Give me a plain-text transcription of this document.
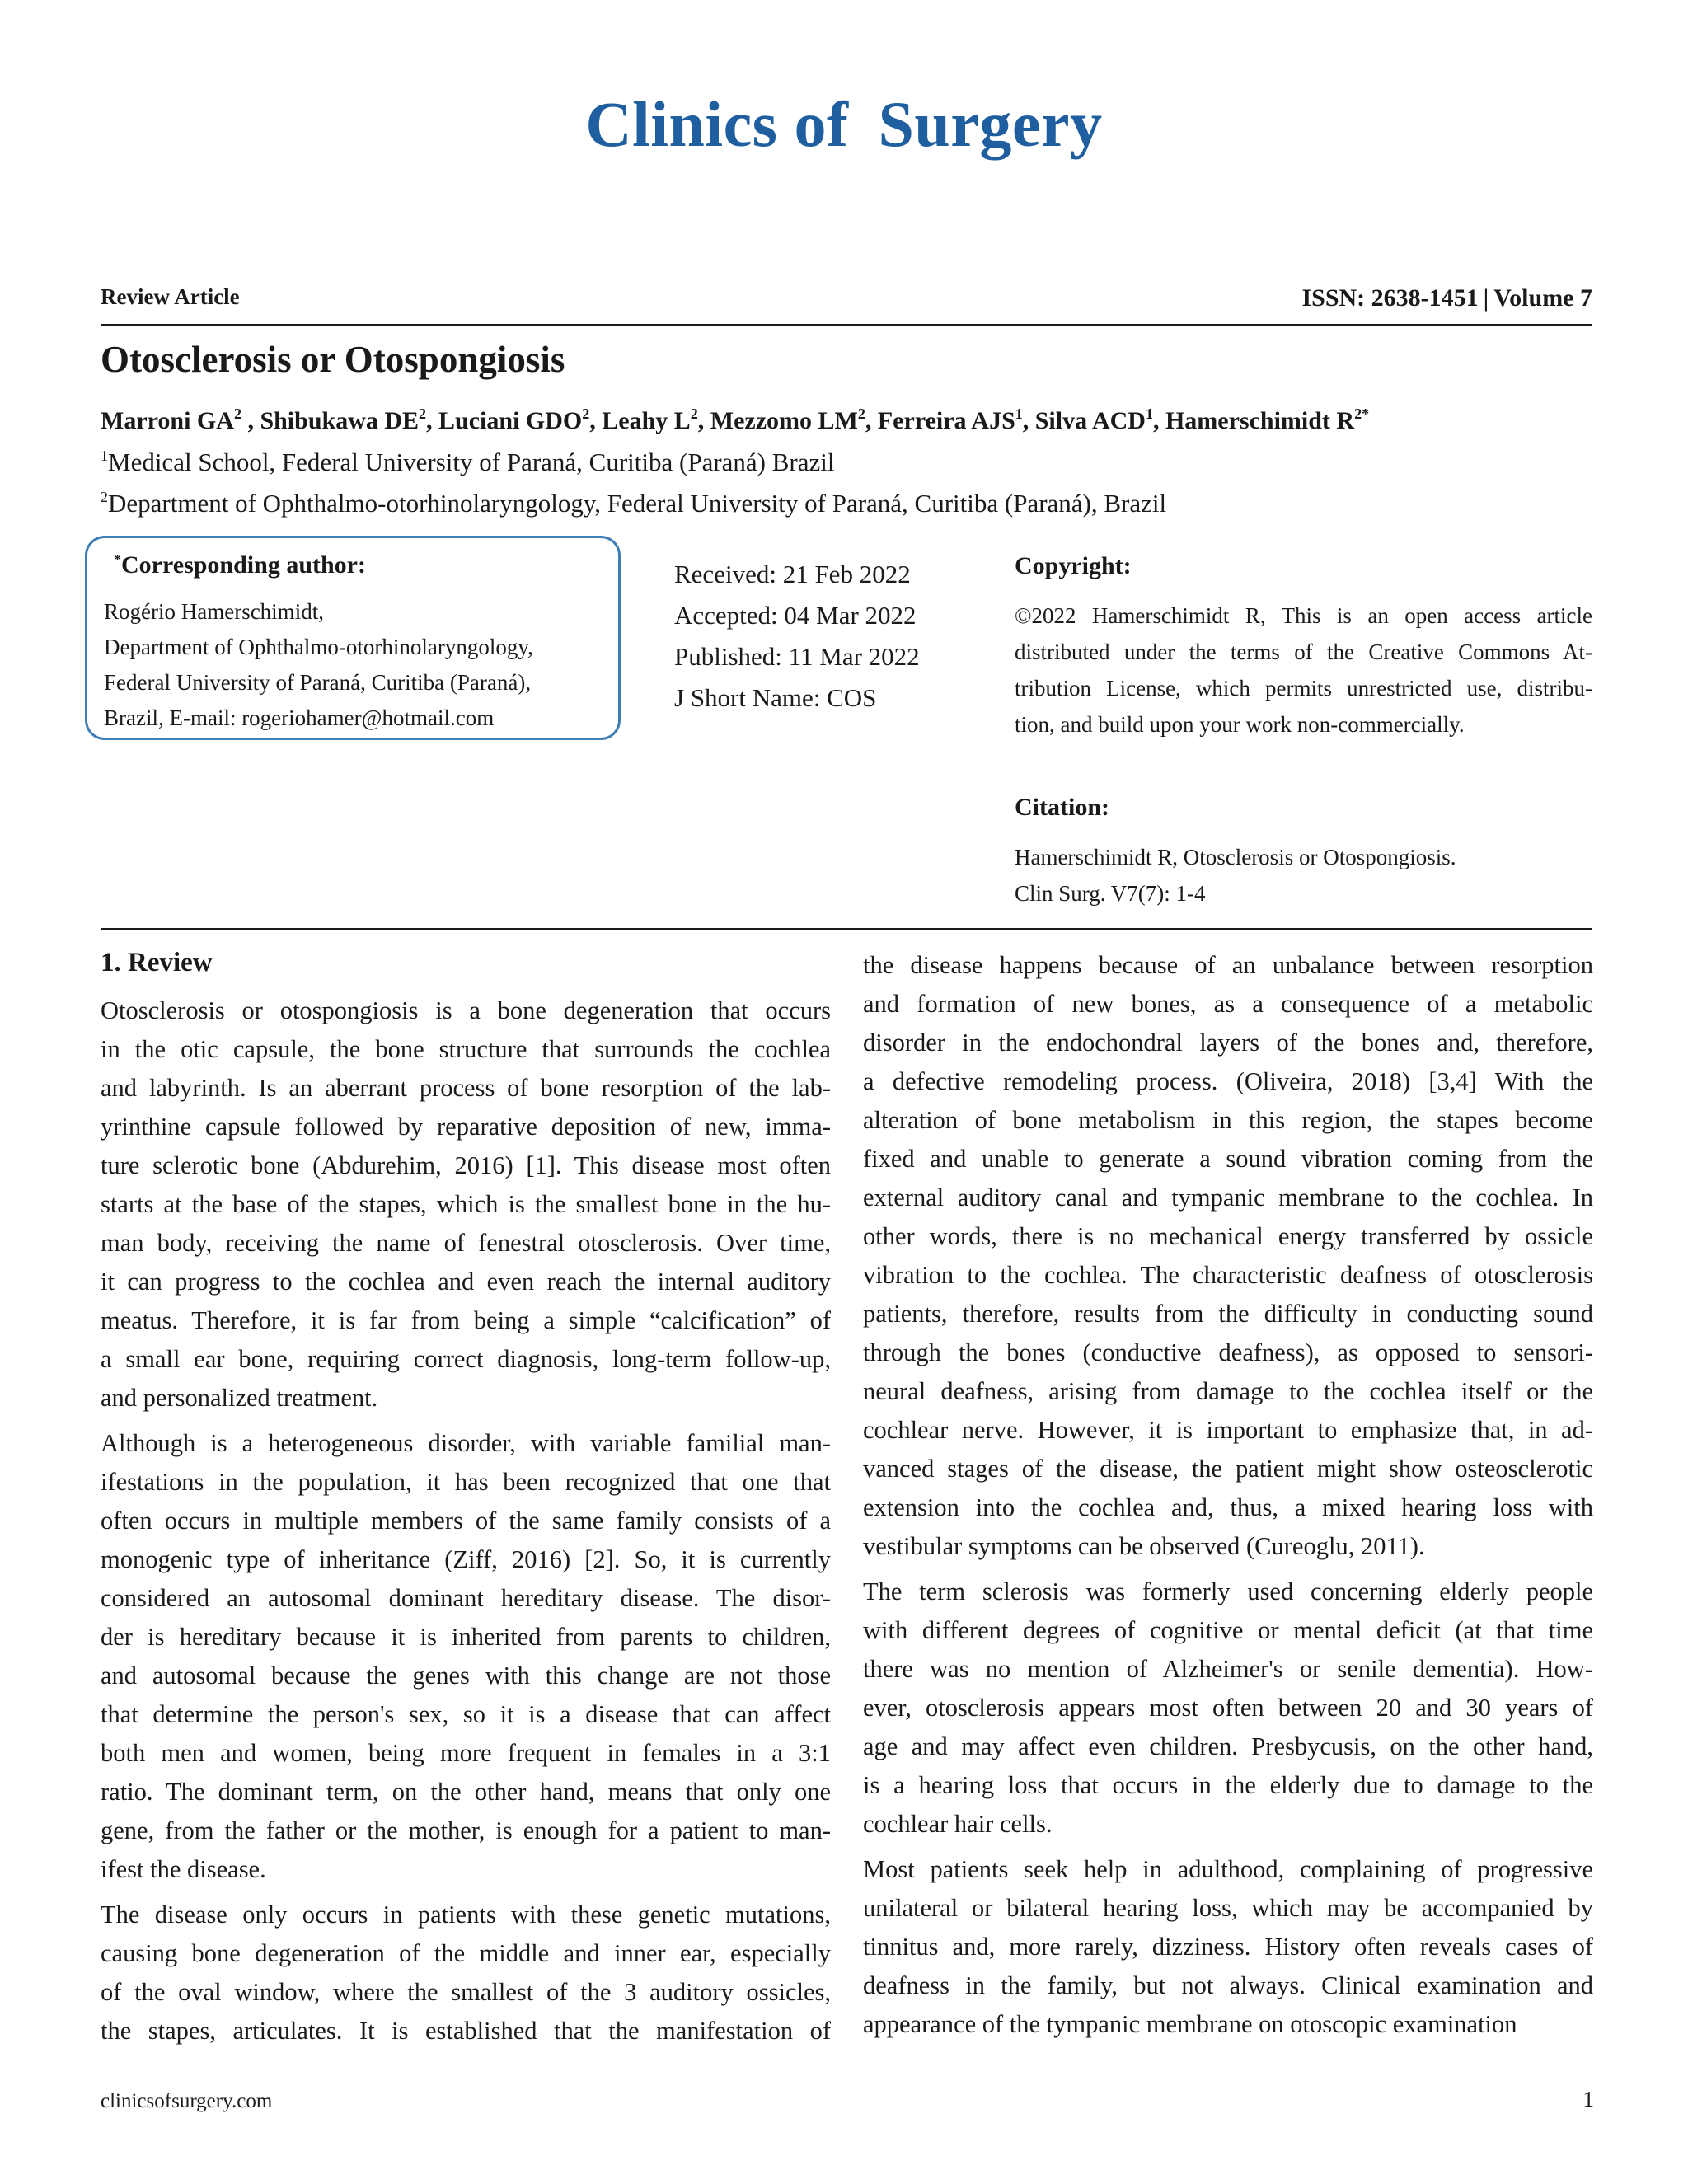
Clinics of Surgery
Review Article	ISSN: 2638-1451 | Volume 7
Otosclerosis or Otospongiosis
Marroni $GA^2$ , Shibukawa $DE^2$, Luciani GDO$^2$, Leahy $L^2$, Mezzomo $LM^2$, Ferreira AJS$^1$, Silva ACD$^1$, Hamerschimidt $R^{2*}$
$^1$Medical School, Federal University of Paraná, Curitiba (Paraná) Brazil
$^2$Department of Ophthalmo-otorhinolaryngology, Federal University of Paraná, Curitiba (Paraná), Brazil
*Corresponding author:
Rogério Hamerschimidt,
Department of Ophthalmo-otorhinolaryngology,
Federal University of Paraná, Curitiba (Paraná),
Brazil, E-mail: rogeriohamer@hotmail.com
Received: 21 Feb 2022
Accepted: 04 Mar 2022
Published: 11 Mar 2022
J Short Name: COS
Copyright:
©2022 Hamerschimidt R, This is an open access article
distributed under the terms of the Creative Commons At-
tribution License, which permits unrestricted use, distribu-
tion, and build upon your work non-commercially.
Citation:
Hamerschimidt R, Otosclerosis or Otospongiosis.
Clin Surg. V7(7): 1-4
1. Review
Otosclerosis or otospongiosis is a bone degeneration that occurs
in the otic capsule, the bone structure that surrounds the cochlea
and labyrinth. Is an aberrant process of bone resorption of the lab-
yrinthine capsule followed by reparative deposition of new, imma-
ture sclerotic bone (Abdurehim, 2016) [1]. This disease most often
starts at the base of the stapes, which is the smallest bone in the hu-
man body, receiving the name of fenestral otosclerosis. Over time,
it can progress to the cochlea and even reach the internal auditory
meatus. Therefore, it is far from being a simple “calcification” of
a small ear bone, requiring correct diagnosis, long-term follow-up,
and personalized treatment.
Although is a heterogeneous disorder, with variable familial man-
ifestations in the population, it has been recognized that one that
often occurs in multiple members of the same family consists of a
monogenic type of inheritance (Ziff, 2016) [2]. So, it is currently
considered an autosomal dominant hereditary disease. The disor-
der is hereditary because it is inherited from parents to children,
and autosomal because the genes with this change are not those
that determine the person's sex, so it is a disease that can affect
both men and women, being more frequent in females in a 3:1
ratio. The dominant term, on the other hand, means that only one
gene, from the father or the mother, is enough for a patient to man-
ifest the disease.
The disease only occurs in patients with these genetic mutations,
causing bone degeneration of the middle and inner ear, especially
of the oval window, where the smallest of the 3 auditory ossicles,
the stapes, articulates. It is established that the manifestation of
the disease happens because of an unbalance between resorption
and formation of new bones, as a consequence of a metabolic
disorder in the endochondral layers of the bones and, therefore,
a defective remodeling process. (Oliveira, 2018) [3,4] With the
alteration of bone metabolism in this region, the stapes become
fixed and unable to generate a sound vibration coming from the
external auditory canal and tympanic membrane to the cochlea. In
other words, there is no mechanical energy transferred by ossicle
vibration to the cochlea. The characteristic deafness of otosclerosis
patients, therefore, results from the difficulty in conducting sound
through the bones (conductive deafness), as opposed to sensori-
neural deafness, arising from damage to the cochlea itself or the
cochlear nerve. However, it is important to emphasize that, in ad-
vanced stages of the disease, the patient might show osteosclerotic
extension into the cochlea and, thus, a mixed hearing loss with
vestibular symptoms can be observed (Cureoglu, 2011).
The term sclerosis was formerly used concerning elderly people
with different degrees of cognitive or mental deficit (at that time
there was no mention of Alzheimer's or senile dementia). How-
ever, otosclerosis appears most often between 20 and 30 years of
age and may affect even children. Presbycusis, on the other hand,
is a hearing loss that occurs in the elderly due to damage to the
cochlear hair cells.
Most patients seek help in adulthood, complaining of progressive
unilateral or bilateral hearing loss, which may be accompanied by
tinnitus and, more rarely, dizziness. History often reveals cases of
deafness in the family, but not always. Clinical examination and
appearance of the tympanic membrane on otoscopic examination
clinicsofsurgery.com	1
